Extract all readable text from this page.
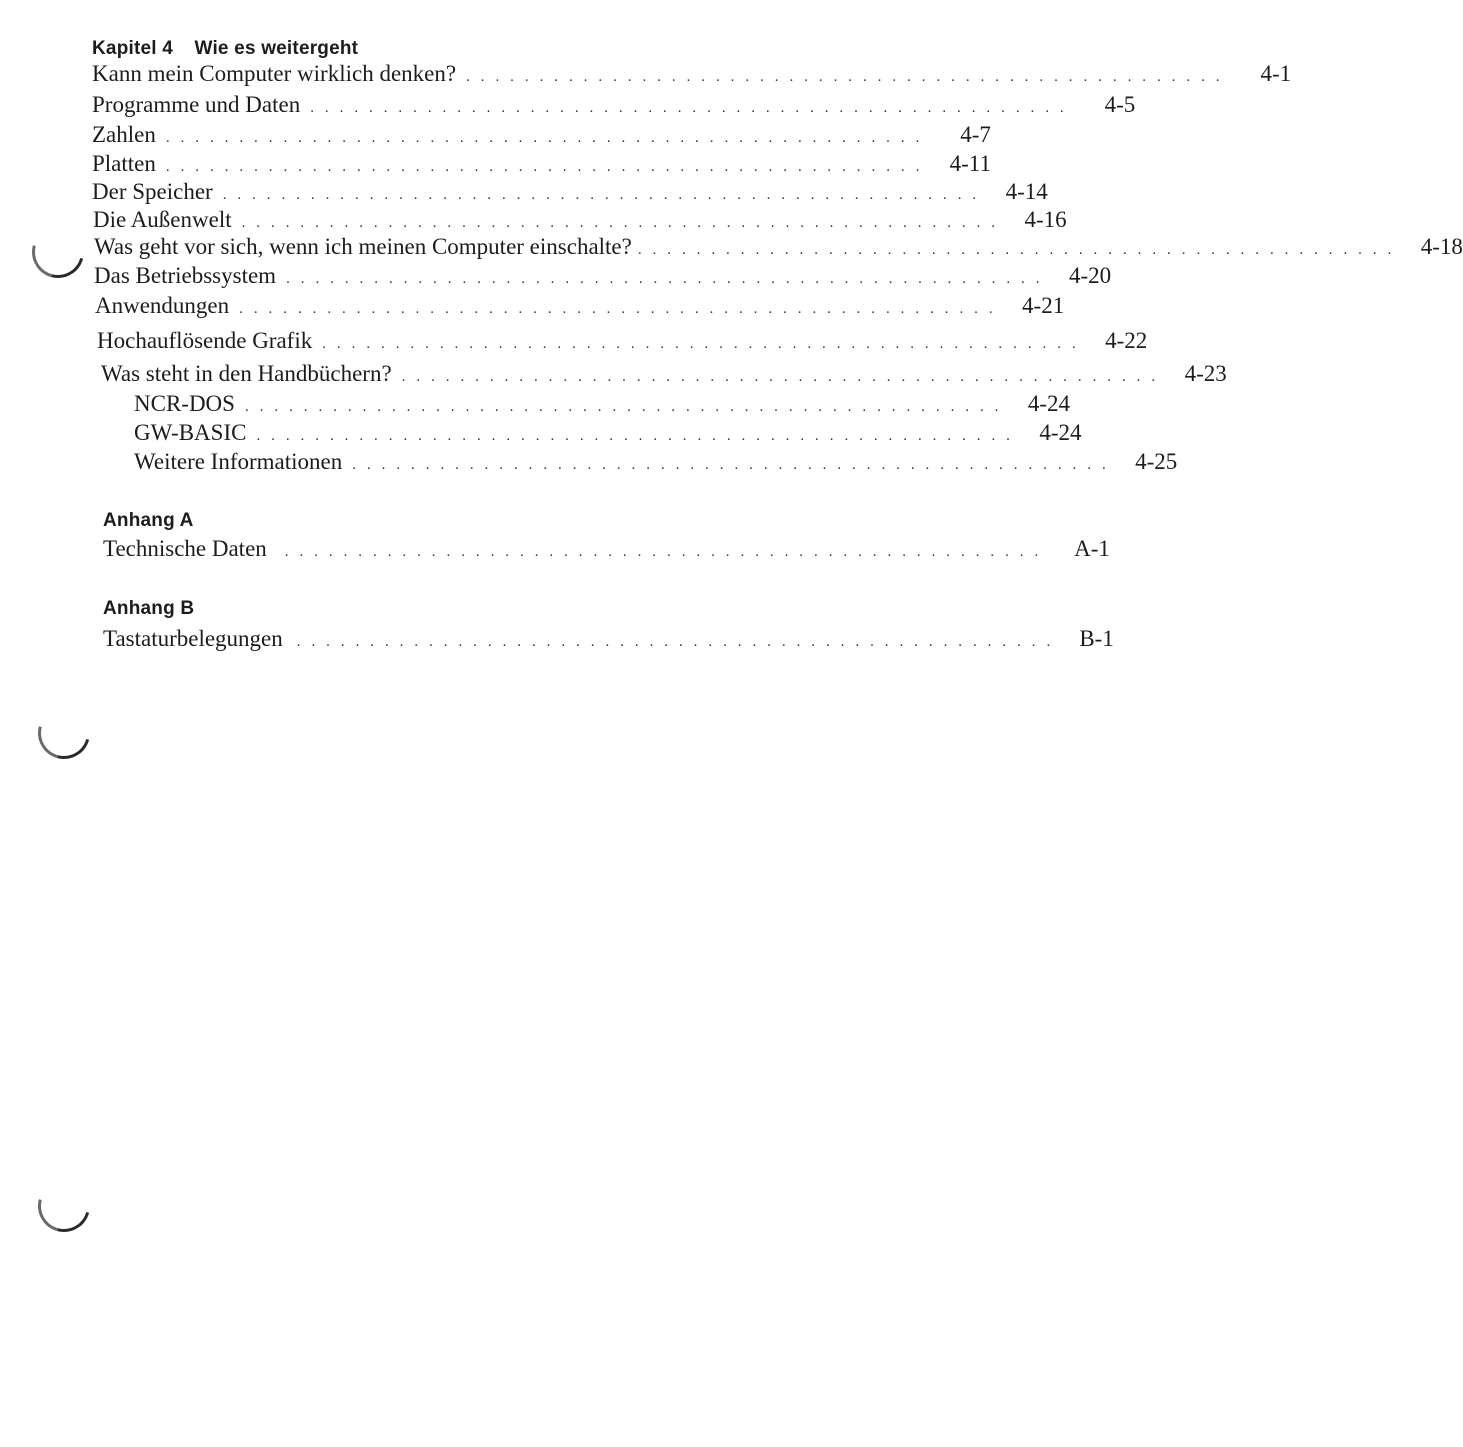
Kapitel 4 Wie es weitergeht
Kann mein Computer wirklich denken? . . . . . . . . . . . . . . . . . . . . . . . . . . . . . . . . . . . . . . . . . . . . . . . . . . . .	4-1
Programme und Daten . . . . . . . . . . . . . . . . . . . . . . . . . . . . . . . . . . . . . . . . . . . . . . . . . . . .	4-5
Zahlen . . . . . . . . . . . . . . . . . . . . . . . . . . . . . . . . . . . . . . . . . . . . . . . . . . . .	4-7
Platten . . . . . . . . . . . . . . . . . . . . . . . . . . . . . . . . . . . . . . . . . . . . . . . . . . . .	4-11
Der Speicher . . . . . . . . . . . . . . . . . . . . . . . . . . . . . . . . . . . . . . . . . . . . . . . . . . . .	4-14
Die Außenwelt . . . . . . . . . . . . . . . . . . . . . . . . . . . . . . . . . . . . . . . . . . . . . . . . . . . .	4-16
Was geht vor sich, wenn ich meinen Computer einschalte? . . . . . . . . . . . . . . . . . . . . . . . . . . . . . . . . . . . . . . . . . . . . . . . . . . . .	4-18
Das Betriebssystem . . . . . . . . . . . . . . . . . . . . . . . . . . . . . . . . . . . . . . . . . . . . . . . . . . . .	4-20
Anwendungen . . . . . . . . . . . . . . . . . . . . . . . . . . . . . . . . . . . . . . . . . . . . . . . . . . . .	4-21
Hochauflösende Grafik . . . . . . . . . . . . . . . . . . . . . . . . . . . . . . . . . . . . . . . . . . . . . . . . . . . .	4-22
Was steht in den Handbüchern? . . . . . . . . . . . . . . . . . . . . . . . . . . . . . . . . . . . . . . . . . . . . . . . . . . . .	4-23
NCR-DOS . . . . . . . . . . . . . . . . . . . . . . . . . . . . . . . . . . . . . . . . . . . . . . . . . . . .	4-24
GW-BASIC . . . . . . . . . . . . . . . . . . . . . . . . . . . . . . . . . . . . . . . . . . . . . . . . . . . .	4-24
Weitere Informationen . . . . . . . . . . . . . . . . . . . . . . . . . . . . . . . . . . . . . . . . . . . . . . . . . . . .	4-25
Anhang A
Technische Daten	. . . . . . . . . . . . . . . . . . . . . . . . . . . . . . . . . . . . . . . . . . . . . . . . . . . .	A-1
Anhang B
Tastaturbelegungen . . . . . . . . . . . . . . . . . . . . . . . . . . . . . . . . . . . . . . . . . . . . . . . . . . . .	B-1
